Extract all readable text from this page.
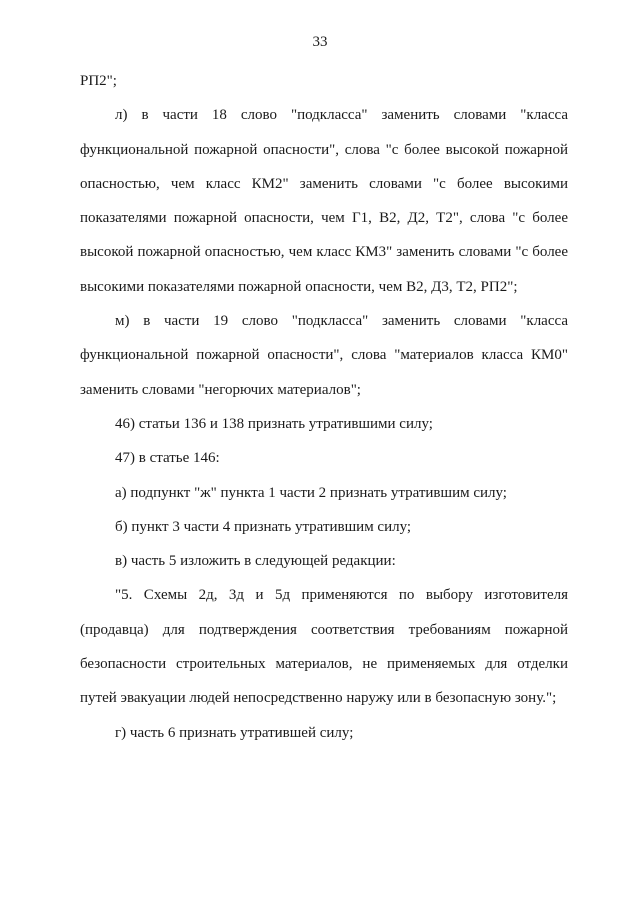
33

РП2";

л) в части 18 слово "подкласса" заменить словами "класса функциональной пожарной опасности", слова "с более высокой пожарной опасностью, чем класс КМ2" заменить словами "с более высокими показателями пожарной опасности, чем Г1, В2, Д2, Т2", слова "с более высокой пожарной опасностью, чем класс КМ3" заменить словами "с более высокими показателями пожарной опасности, чем В2, Д3, Т2, РП2";

м) в части 19 слово "подкласса" заменить словами "класса функциональной пожарной опасности", слова "материалов класса КМ0" заменить словами "негорючих материалов";

46) статьи 136 и 138 признать утратившими силу;

47) в статье 146:

а) подпункт "ж" пункта 1 части 2 признать утратившим силу;

б) пункт 3 части 4 признать утратившим силу;

в) часть 5 изложить в следующей редакции:

"5. Схемы 2д, 3д и 5д применяются по выбору изготовителя (продавца) для подтверждения соответствия требованиям пожарной безопасности строительных материалов, не применяемых для отделки путей эвакуации людей непосредственно наружу или в безопасную зону.";

г) часть 6 признать утратившей силу;
